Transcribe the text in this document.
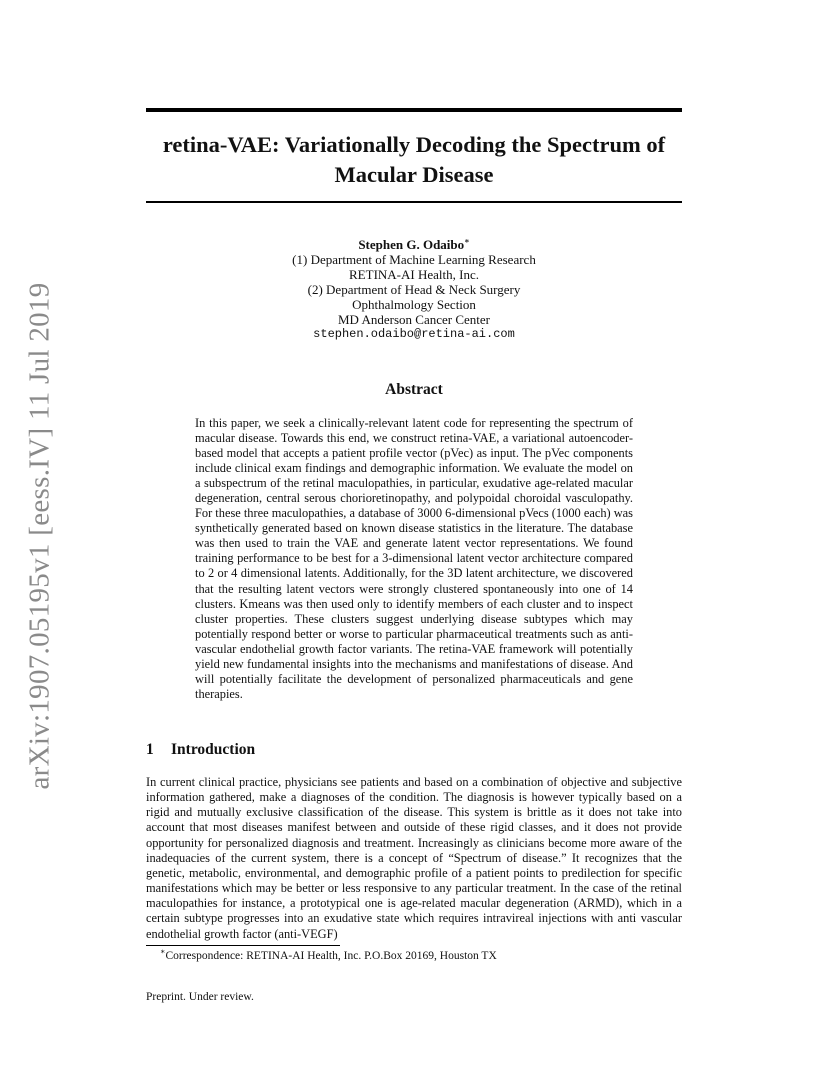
arXiv:1907.05195v1 [eess.IV] 11 Jul 2019
retina-VAE: Variationally Decoding the Spectrum of
Macular Disease
Stephen G. Odaibo∗
(1) Department of Machine Learning Research
RETINA-AI Health, Inc.
(2) Department of Head & Neck Surgery
Ophthalmology Section
MD Anderson Cancer Center
stephen.odaibo@retina-ai.com
Abstract

In this paper, we seek a clinically-relevant latent code for representing the spectrum of macular disease. Towards this end, we construct retina-VAE, a variational autoencoder-based model that accepts a patient profile vector (pVec) as input. The pVec components include clinical exam findings and demographic information. We evaluate the model on a subspectrum of the retinal maculopathies, in particular, exudative age-related macular degeneration, central serous chorioretinopathy, and polypoidal choroidal vasculopathy. For these three maculopathies, a database of 3000 6-dimensional pVecs (1000 each) was synthetically generated based on known disease statistics in the literature. The database was then used to train the VAE and generate latent vector representations. We found training performance to be best for a 3-dimensional latent vector architecture compared to 2 or 4 dimensional latents. Additionally, for the 3D latent architecture, we discovered that the resulting latent vectors were strongly clustered spontaneously into one of 14 clusters. Kmeans was then used only to identify members of each cluster and to inspect cluster properties. These clusters suggest underlying disease subtypes which may potentially respond better or worse to particular pharmaceutical treatments such as anti-vascular endothelial growth factor variants. The retina-VAE framework will potentially yield new fundamental insights into the mechanisms and manifestations of disease. And will potentially facilitate the development of personalized pharmaceuticals and gene therapies.

1 Introduction

In current clinical practice, physicians see patients and based on a combination of objective and subjective information gathered, make a diagnoses of the condition. The diagnosis is however typically based on a rigid and mutually exclusive classification of the disease. This system is brittle as it does not take into account that most diseases manifest between and outside of these rigid classes, and it does not provide opportunity for personalized diagnosis and treatment. Increasingly as clinicians become more aware of the inadequacies of the current system, there is a concept of “Spectrum of disease.” It recognizes that the genetic, metabolic, environmental, and demographic profile of a patient points to predilection for specific manifestations which may be better or less responsive to any particular treatment. In the case of the retinal maculopathies for instance, a prototypical one is age-related macular degeneration (ARMD), which in a certain subtype progresses into an exudative state which requires intravireal injections with anti vascular endothelial growth factor (anti-VEGF)

∗Correspondence: RETINA-AI Health, Inc. P.O.Box 20169, Houston TX

Preprint. Under review.
